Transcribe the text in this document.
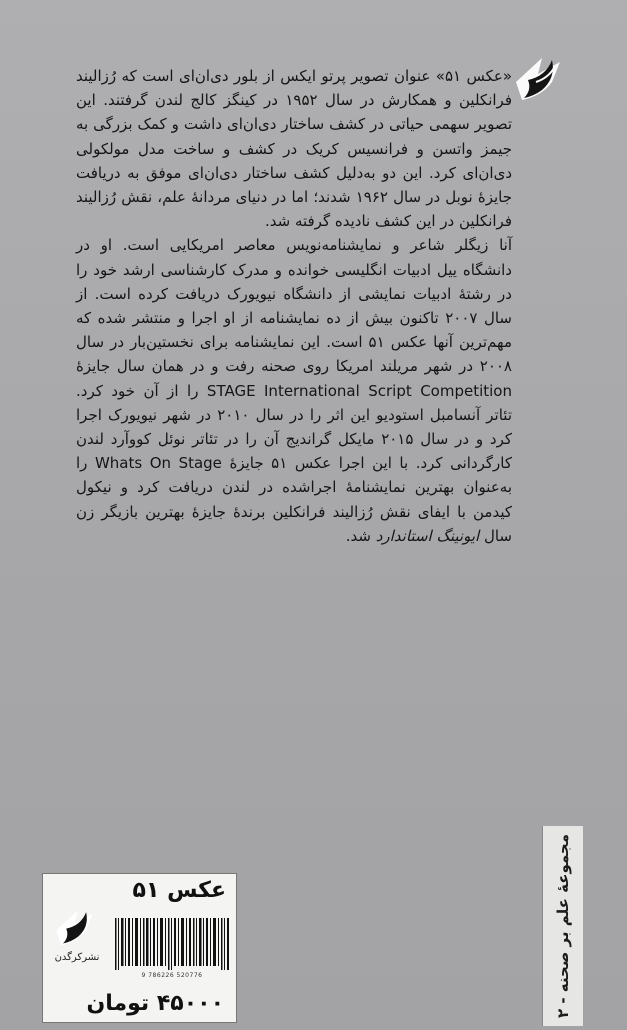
«عکس ۵۱» عنوان تصویر پرتو ایکس از بلور دی‌ان‌ای است که رُزالیند فرانکلین و همکارش در سال ۱۹۵۲ در کینگز کالج لندن گرفتند. این تصویر سهمی حیاتی در کشف ساختار دی‌ان‌ای داشت و کمک بزرگی به جیمز واتسن و فرانسیس کریک در کشف و ساخت مدل مولکولی دی‌ان‌ای کرد. این دو به‌دلیل کشف ساختار دی‌ان‌ای موفق به دریافت جایزهٔ نوبل در سال ۱۹۶۲ شدند؛ اما در دنیای مردانهٔ علم، نقش رُزالیند فرانکلین در این کشف نادیده گرفته شد.

آنا زیگلر شاعر و نمایشنامه‌نویس معاصر امریکایی است. او در دانشگاه ییل ادبیات انگلیسی خوانده و مدرک کارشناسی ارشد خود را در رشتهٔ ادبیات نمایشی از دانشگاه نیویورک دریافت کرده است. از سال ۲۰۰۷ تاکنون بیش از ده نمایشنامه از او اجرا و منتشر شده که مهم‌ترین آنها عکس ۵۱ است. این نمایشنامه برای نخستین‌بار در سال ۲۰۰۸ در شهر مریلند امریکا روی صحنه رفت و در همان سال جایزهٔ STAGE International Script Competition را از آن خود کرد. تئاتر آنسامبل استودیو این اثر را در سال ۲۰۱۰ در شهر نیویورک اجرا کرد و در سال ۲۰۱۵ مایکل گراندیج آن را در تئاتر نوئل کوو‌آرد لندن کارگردانی کرد. با این اجرا عکس ۵۱ جایزهٔ Whats On Stage را به‌عنوان بهترین نمایشنامهٔ اجراشده در لندن دریافت کرد و نیکول کیدمن با ایفای نقش رُزالیند فرانکلین برندهٔ جایزهٔ بهترین بازیگر زن سال ایونینگ استاندارد شد.

مجموعهٔ علم بر صحنه - ۲
عکس ۵۱
نشرکرگدن
9 786226 520776
۴۵۰۰۰ تومان
